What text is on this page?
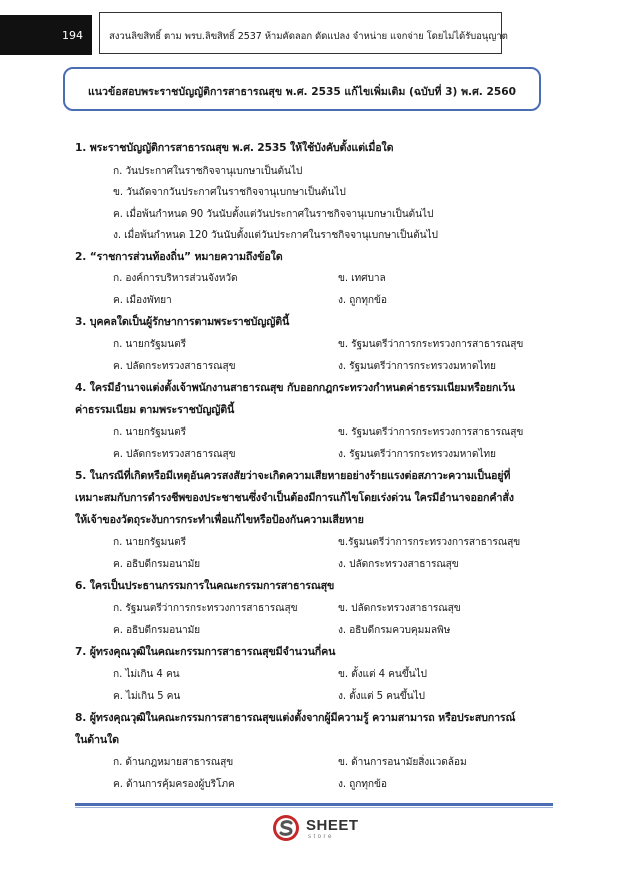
194	สงวนลิขสิทธิ์ ตาม พรบ.ลิขสิทธิ์ 2537 ห้ามคัดลอก ดัดแปลง จำหน่าย แจกจ่าย โดยไม่ได้รับอนุญาต
แนวข้อสอบพระราชบัญญัติการสาธารณสุข พ.ศ. 2535 แก้ไขเพิ่มเติม (ฉบับที่ 3) พ.ศ. 2560
1. พระราชบัญญัติการสาธารณสุข พ.ศ. 2535 ให้ใช้บังคับตั้งแต่เมื่อใด
ก. วันประกาศในราชกิจจานุเบกษาเป็นต้นไป
ข. วันถัดจากวันประกาศในราชกิจจานุเบกษาเป็นต้นไป
ค. เมื่อพ้นกำหนด 90 วันนับตั้งแต่วันประกาศในราชกิจจานุเบกษาเป็นต้นไป
ง. เมื่อพ้นกำหนด 120 วันนับตั้งแต่วันประกาศในราชกิจจานุเบกษาเป็นต้นไป
2. “ราชการส่วนท้องถิ่น” หมายความถึงข้อใด
ก. องค์การบริหารส่วนจังหวัด	ข. เทศบาล
ค. เมืองพัทยา	ง. ถูกทุกข้อ
3. บุคคลใดเป็นผู้รักษาการตามพระราชบัญญัตินี้
ก. นายกรัฐมนตรี	ข. รัฐมนตรีว่าการกระทรวงการสาธารณสุข
ค. ปลัดกระทรวงสาธารณสุข	ง. รัฐมนตรีว่าการกระทรวงมหาดไทย
4. ใครมีอำนาจแต่งตั้งเจ้าพนักงานสาธารณสุข กับออกกฎกระทรวงกำหนดค่าธรรมเนียมหรือยกเว้น
ค่าธรรมเนียม ตามพระราชบัญญัตินี้
ก. นายกรัฐมนตรี	ข. รัฐมนตรีว่าการกระทรวงการสาธารณสุข
ค. ปลัดกระทรวงสาธารณสุข	ง. รัฐมนตรีว่าการกระทรวงมหาดไทย
5. ในกรณีที่เกิดหรือมีเหตุอันควรสงสัยว่าจะเกิดความเสียหายอย่างร้ายแรงต่อสภาวะความเป็นอยู่ที่
เหมาะสมกับการดำรงชีพของประชาชนซึ่งจำเป็นต้องมีการแก้ไขโดยเร่งด่วน ใครมีอำนาจออกคำสั่ง
ให้เจ้าของวัตถุระงับการกระทำเพื่อแก้ไขหรือป้องกันความเสียหาย
ก. นายกรัฐมนตรี	ข.รัฐมนตรีว่าการกระทรวงการสาธารณสุข
ค. อธิบดีกรมอนามัย	ง. ปลัดกระทรวงสาธารณสุข
6. ใครเป็นประธานกรรมการในคณะกรรมการสาธารณสุข
ก. รัฐมนตรีว่าการกระทรวงการสาธารณสุข	ข. ปลัดกระทรวงสาธารณสุข
ค. อธิบดีกรมอนามัย	ง. อธิบดีกรมควบคุมมลพิษ
7. ผู้ทรงคุณวุฒิในคณะกรรมการสาธารณสุขมีจำนวนกี่คน
ก. ไม่เกิน 4 คน	ข. ตั้งแต่ 4 คนขึ้นไป
ค. ไม่เกิน 5 คน	ง. ตั้งแต่ 5 คนขึ้นไป
8. ผู้ทรงคุณวุฒิในคณะกรรมการสาธารณสุขแต่งตั้งจากผู้มีความรู้ ความสามารถ หรือประสบการณ์
ในด้านใด
ก. ด้านกฎหมายสาธารณสุข	ข. ด้านการอนามัยสิ่งแวดล้อม
ค. ด้านการคุ้มครองผู้บริโภค	ง. ถูกทุกข้อ
SHEET
store
